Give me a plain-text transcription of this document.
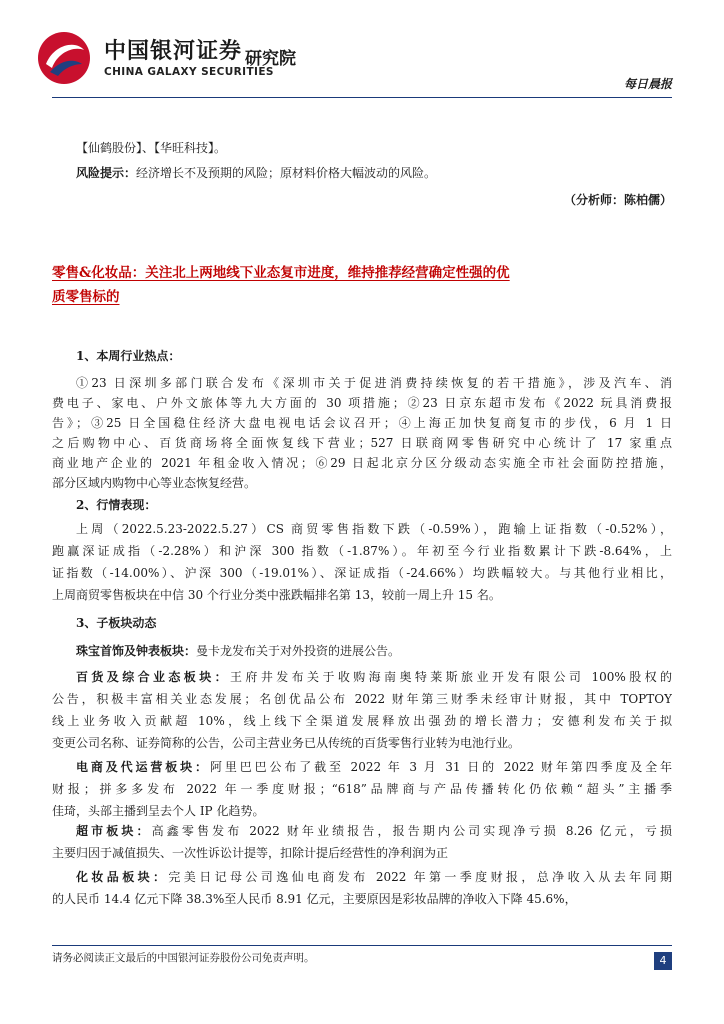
中国银河证券 研究院
CHINA GALAXY SECURITIES
每日晨报
【仙鹤股份】、【华旺科技】。
风险提示：经济增长不及预期的风险；原材料价格大幅波动的风险。
（分析师：陈柏儒）
零售&化妆品：关注北上两地线下业态复市进度，维持推荐经营确定性强的优
质零售标的
1、本周行业热点：
①23 日深圳多部门联合发布《深圳市关于促进消费持续恢复的若干措施》，涉及汽车、消
费电子、家电、户外文旅体等九大方面的 30 项措施；②23 日京东超市发布《2022 玩具消费报
告》；③25 日全国稳住经济大盘电视电话会议召开；④上海正加快复商复市的步伐，6 月 1 日
之后购物中心、百货商场将全面恢复线下营业；527 日联商网零售研究中心统计了 17 家重点
商业地产企业的 2021 年租金收入情况；⑥29 日起北京分区分级动态实施全市社会面防控措施，
部分区域内购物中心等业态恢复经营。
2、行情表现：
上周（2022.5.23-2022.5.27）CS 商贸零售指数下跌（-0.59%），跑输上证指数（-0.52%），
跑赢深证成指（-2.28%）和沪深 300 指数（-1.87%）。年初至今行业指数累计下跌-8.64%，上
证指数（-14.00%）、沪深 300（-19.01%）、深证成指（-24.66%）均跌幅较大。与其他行业相比，
上周商贸零售板块在中信 30 个行业分类中涨跌幅排名第 13，较前一周上升 15 名。
3、子板块动态
珠宝首饰及钟表板块：曼卡龙发布关于对外投资的进展公告。
百货及综合业态板块：王府井发布关于收购海南奥特莱斯旅业开发有限公司 100%股权的
公告，积极丰富相关业态发展；名创优品公布 2022 财年第三财季未经审计财报，其中 TOPTOY
线上业务收入贡献超 10%，线上线下全渠道发展释放出强劲的增长潜力；安德利发布关于拟
变更公司名称、证券简称的公告，公司主营业务已从传统的百货零售行业转为电池行业。
电商及代运营板块：阿里巴巴公布了截至 2022 年 3 月 31 日的 2022 财年第四季度及全年
财报；拼多多发布 2022 年一季度财报；“618”品牌商与产品传播转化仍依赖“超头”主播季
佳琦，头部主播到呈去个人 IP 化趋势。
超市板块：高鑫零售发布 2022 财年业绩报告，报告期内公司实现净亏损 8.26 亿元，亏损
主要归因于减值损失、一次性诉讼计提等，扣除计提后经营性的净利润为正
请务必阅读正文最后的中国银河证券股份公司免责声明。	4
化妆品板块：完美日记母公司逸仙电商发布 2022 年第一季度财报，总净收入从去年同期
的人民币 14.4 亿元下降 38.3%至人民币 8.91 亿元，主要原因是彩妆品牌的净收入下降 45.6%，
